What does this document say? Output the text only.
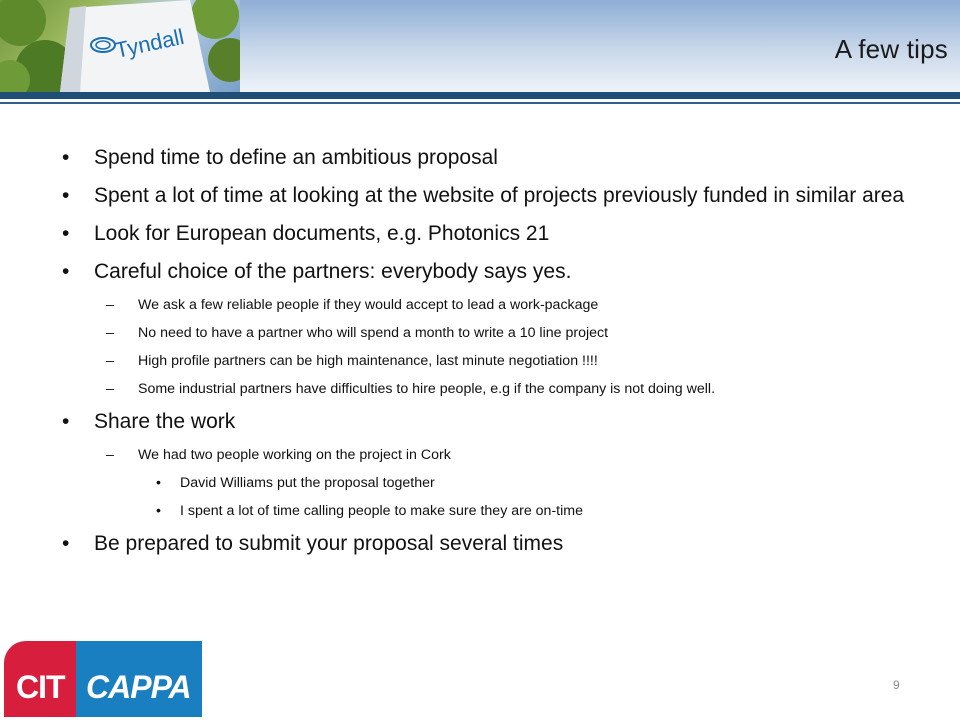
Tyndall	A few tips
• Spend time to define an ambitious proposal
• Spent a lot of time at looking at the website of projects previously funded in similar area
• Look for European documents, e.g. Photonics 21
• Careful choice of the partners: everybody says yes.
– We ask a few reliable people if they would accept to lead a work-package
– No need to have a partner who will spend a month to write a 10 line project
– High profile partners can be high maintenance, last minute negotiation !!!!
– Some industrial partners have difficulties to hire people, e.g if the company is not doing well.
• Share the work
– We had two people working on the project in Cork
• David Williams put the proposal together
• I spent a lot of time calling people to make sure they are on-time
• Be prepared to submit your proposal several times
CIT CAPPA	9
